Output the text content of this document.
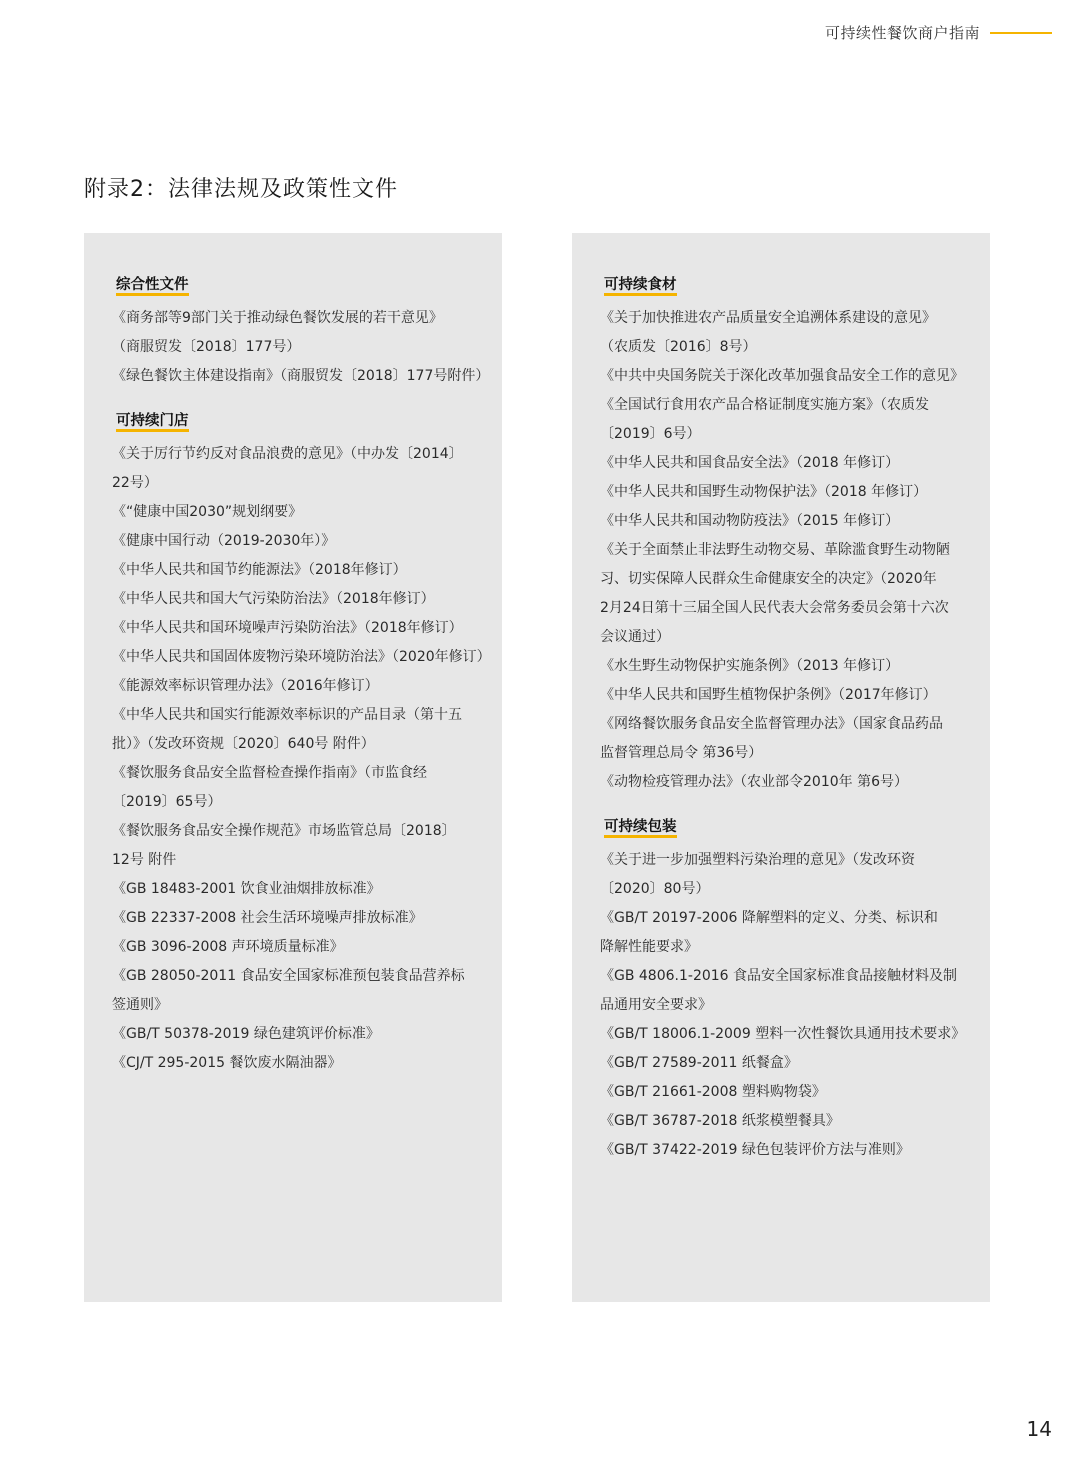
可持续性餐饮商户指南
附录2：法律法规及政策性文件
综合性文件
《商务部等9部门关于推动绿色餐饮发展的若干意见》
（商服贸发〔2018〕177号）
《绿色餐饮主体建设指南》（商服贸发〔2018〕177号附件）
可持续门店
《关于厉行节约反对食品浪费的意见》（中办发〔2014〕
22号）
《“健康中国2030”规划纲要》
《健康中国行动（2019-2030年）》
《中华人民共和国节约能源法》（2018年修订）
《中华人民共和国大气污染防治法》（2018年修订）
《中华人民共和国环境噪声污染防治法》（2018年修订）
《中华人民共和国固体废物污染环境防治法》（2020年修订）
《能源效率标识管理办法》（2016年修订）
《中华人民共和国实行能源效率标识的产品目录（第十五
批）》（发改环资规〔2020〕640号 附件）
《餐饮服务食品安全监督检查操作指南》（市监食经
〔2019〕65号）
《餐饮服务食品安全操作规范》市场监管总局〔2018〕
12号 附件
《GB 18483-2001 饮食业油烟排放标准》
《GB 22337-2008 社会生活环境噪声排放标准》
《GB 3096-2008 声环境质量标准》
《GB 28050-2011 食品安全国家标准预包装食品营养标
签通则》
《GB/T 50378-2019 绿色建筑评价标准》
《CJ/T 295-2015 餐饮废水隔油器》
可持续食材
《关于加快推进农产品质量安全追溯体系建设的意见》
（农质发〔2016〕8号）
《中共中央国务院关于深化改革加强食品安全工作的意见》
《全国试行食用农产品合格证制度实施方案》（农质发
〔2019〕6号）
《中华人民共和国食品安全法》（2018 年修订）
《中华人民共和国野生动物保护法》（2018 年修订）
《中华人民共和国动物防疫法》（2015 年修订）
《关于全面禁止非法野生动物交易、革除滥食野生动物陋
习、切实保障人民群众生命健康安全的决定》（2020年
2月24日第十三届全国人民代表大会常务委员会第十六次
会议通过）
《水生野生动物保护实施条例》（2013 年修订）
《中华人民共和国野生植物保护条例》（2017年修订）
《网络餐饮服务食品安全监督管理办法》（国家食品药品
监督管理总局令 第36号）
《动物检疫管理办法》（农业部令2010年 第6号）
可持续包装
《关于进一步加强塑料污染治理的意见》（发改环资
〔2020〕80号）
《GB/T 20197-2006 降解塑料的定义、分类、标识和
降解性能要求》
《GB 4806.1-2016 食品安全国家标准食品接触材料及制
品通用安全要求》
《GB/T 18006.1-2009 塑料一次性餐饮具通用技术要求》
《GB/T 27589-2011 纸餐盒》
《GB/T 21661-2008 塑料购物袋》
《GB/T 36787-2018 纸浆模塑餐具》
《GB/T 37422-2019 绿色包装评价方法与准则》
14
